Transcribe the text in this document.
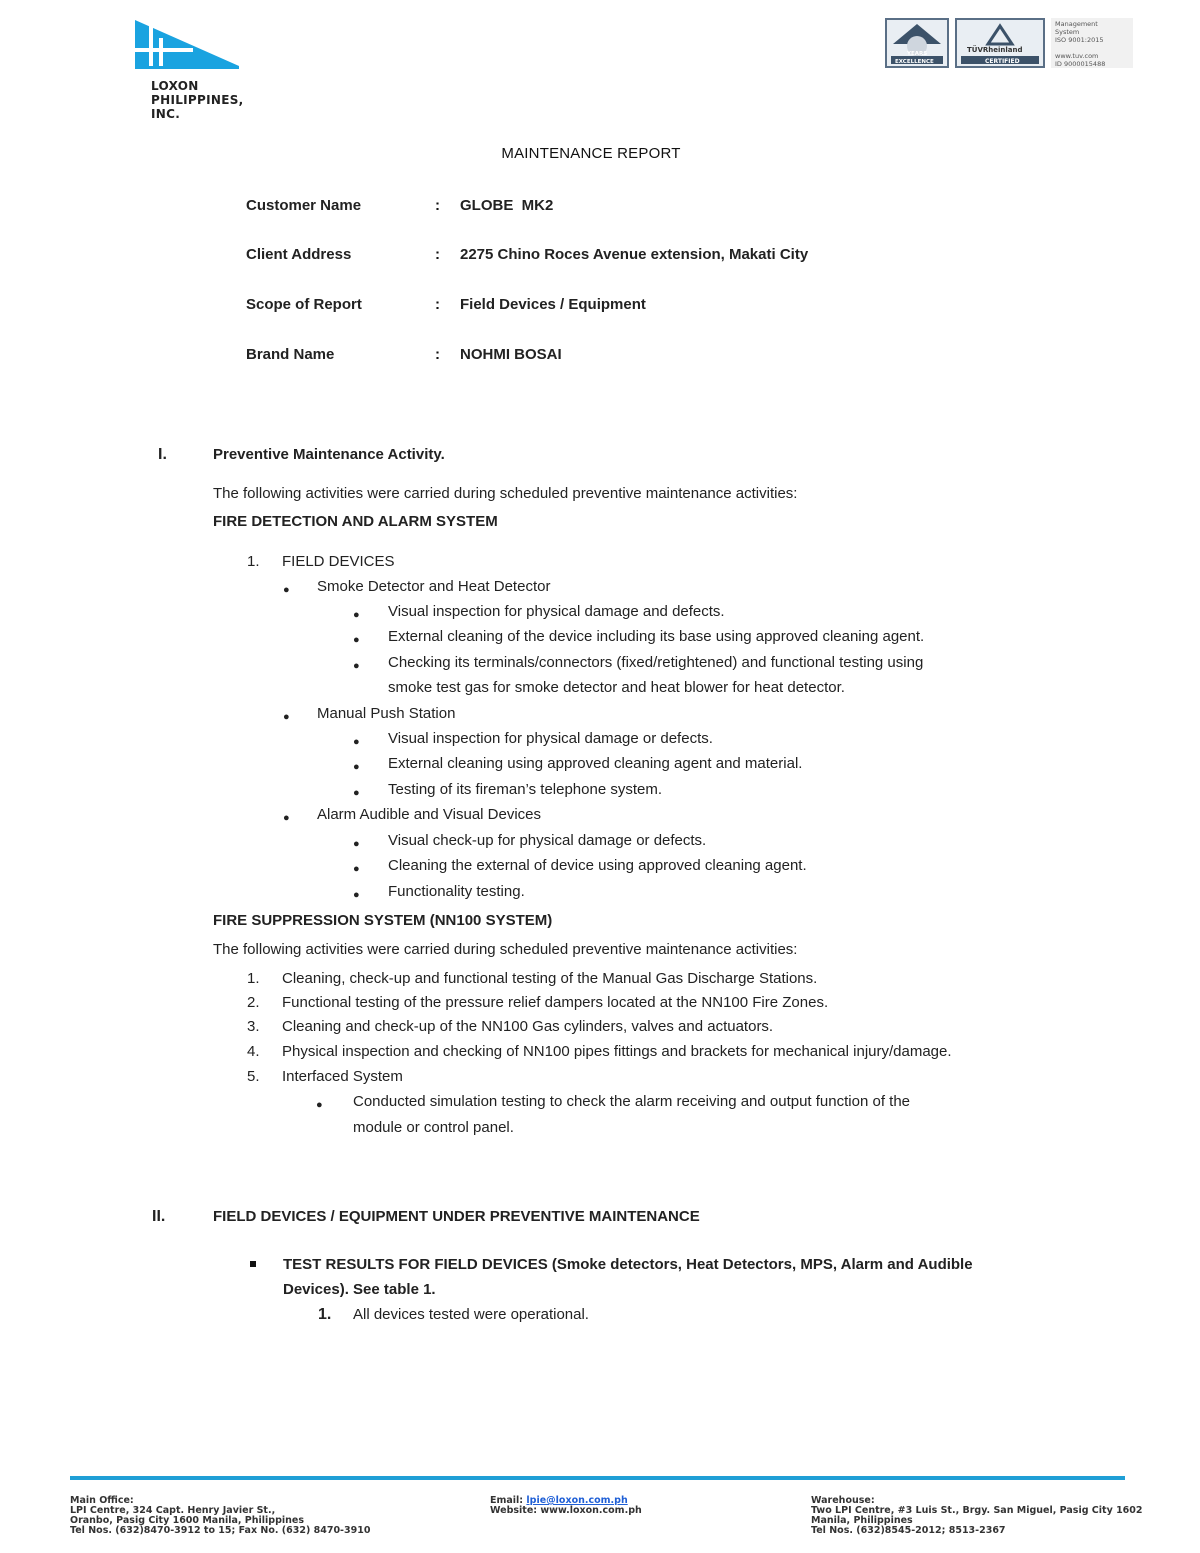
LOXON
PHILIPPINES,
INC.
YEARS
EXCELLENCE
TÜVRheinland
CERTIFIED
Management
System
ISO 9001:2015
www.tuv.com
ID 9000015488
MAINTENANCE REPORT
Customer Name	: GLOBE  MK2
Client Address	: 2275 Chino Roces Avenue extension, Makati City
Scope of Report	: Field Devices / Equipment
Brand Name	: NOHMI BOSAI
I.	Preventive Maintenance Activity.
The following activities were carried during scheduled preventive maintenance activities:
FIRE DETECTION AND ALARM SYSTEM
1. FIELD DEVICES
● Smoke Detector and Heat Detector
● Visual inspection for physical damage and defects.
● External cleaning of the device including its base using approved cleaning agent.
● Checking its terminals/connectors (fixed/retightened) and functional testing using
smoke test gas for smoke detector and heat blower for heat detector.
● Manual Push Station
● Visual inspection for physical damage or defects.
● External cleaning using approved cleaning agent and material.
● Testing of its fireman’s telephone system.
● Alarm Audible and Visual Devices
● Visual check-up for physical damage or defects.
● Cleaning the external of device using approved cleaning agent.
● Functionality testing.
FIRE SUPPRESSION SYSTEM (NN100 SYSTEM)
The following activities were carried during scheduled preventive maintenance activities:
1. Cleaning, check-up and functional testing of the Manual Gas Discharge Stations.
2. Functional testing of the pressure relief dampers located at the NN100 Fire Zones.
3. Cleaning and check-up of the NN100 Gas cylinders, valves and actuators.
4. Physical inspection and checking of NN100 pipes fittings and brackets for mechanical injury/damage.
5. Interfaced System
● Conducted simulation testing to check the alarm receiving and output function of the
module or control panel.
II.	FIELD DEVICES / EQUIPMENT UNDER PREVENTIVE MAINTENANCE
TEST RESULTS FOR FIELD DEVICES (Smoke detectors, Heat Detectors, MPS, Alarm and Audible
Devices). See table 1.
1. All devices tested were operational.
Main Office:
LPI Centre, 324 Capt. Henry Javier St.,
Oranbo, Pasig City 1600 Manila, Philippines
Tel Nos. (632)8470-3912 to 15; Fax No. (632) 8470-3910
Email: lpie@loxon.com.ph
Website: www.loxon.com.ph
Warehouse:
Two LPI Centre, #3 Luis St., Brgy. San Miguel, Pasig City 1602
Manila, Philippines
Tel Nos. (632)8545-2012; 8513-2367
